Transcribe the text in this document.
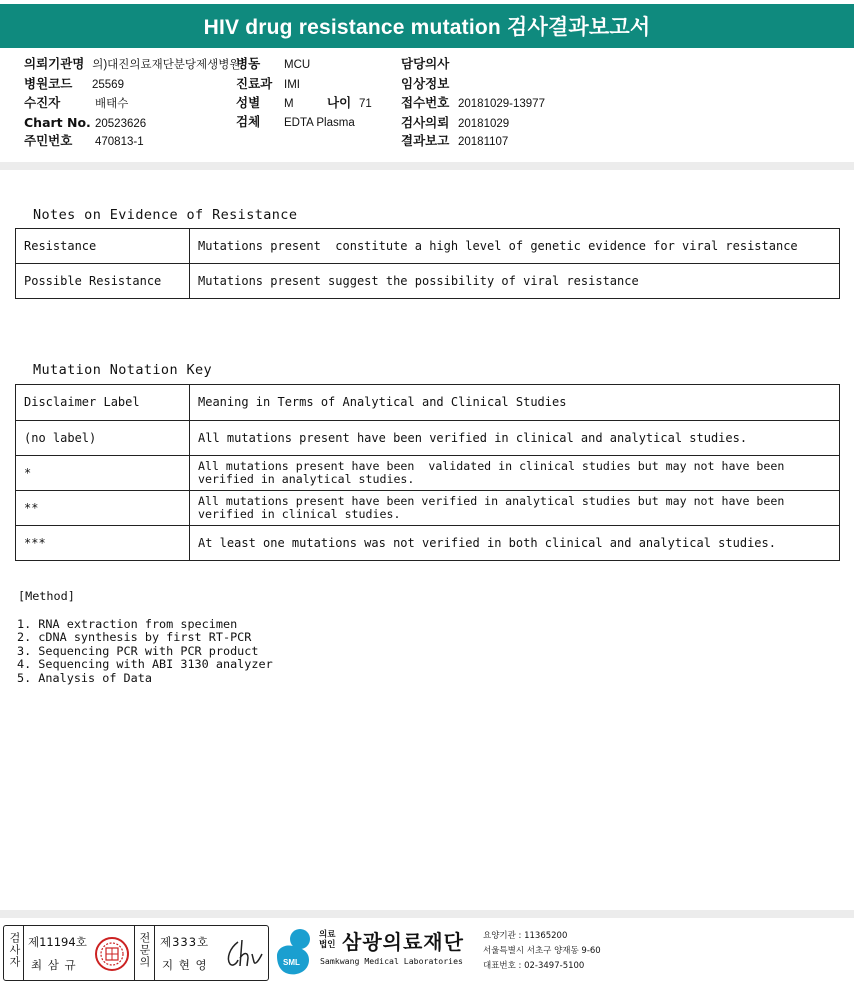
HIV drug resistance mutation 검사결과보고서
의뢰기관명 의)대진의료재단분당제생병원
병원코드 25569
수진자	배태수
Chart No. 20523626
주민번호 470813-1
병동 MCU
진료과 IMI
성별 M	나이 71
검체 EDTA Plasma
담당의사
임상정보
접수번호 20181029-13977
검사의뢰 20181029
결과보고 20181107
Notes on Evidence of Resistance
Resistance	Mutations present  constitute a high level of genetic evidence for viral resistance
Possible Resistance	Mutations present suggest the possibility of viral resistance
Mutation Notation Key
Disclaimer Label	Meaning in Terms of Analytical and Clinical Studies
(no label)	All mutations present have been verified in clinical and analytical studies.
*	All mutations present have been  validated in clinical studies but may not have been verified in analytical studies.
**	All mutations present have been verified in analytical studies but may not have been verified in clinical studies.
***	At least one mutations was not verified in both clinical and analytical studies.
[Method]
1. RNA extraction from specimen
2. cDNA synthesis by first RT-PCR
3. Sequencing PCR with PCR product
4. Sequencing with ABI 3130 analyzer
5. Analysis of Data
검사자 제11194호
최 삼 규	전문의 제333호
지 현 영	SML
의료
법인 삼광의료재단
Samkwang Medical Laboratories
요양기관 : 11365200
서울특별시 서초구 양재동 9-60
대표번호 : 02-3497-5100
